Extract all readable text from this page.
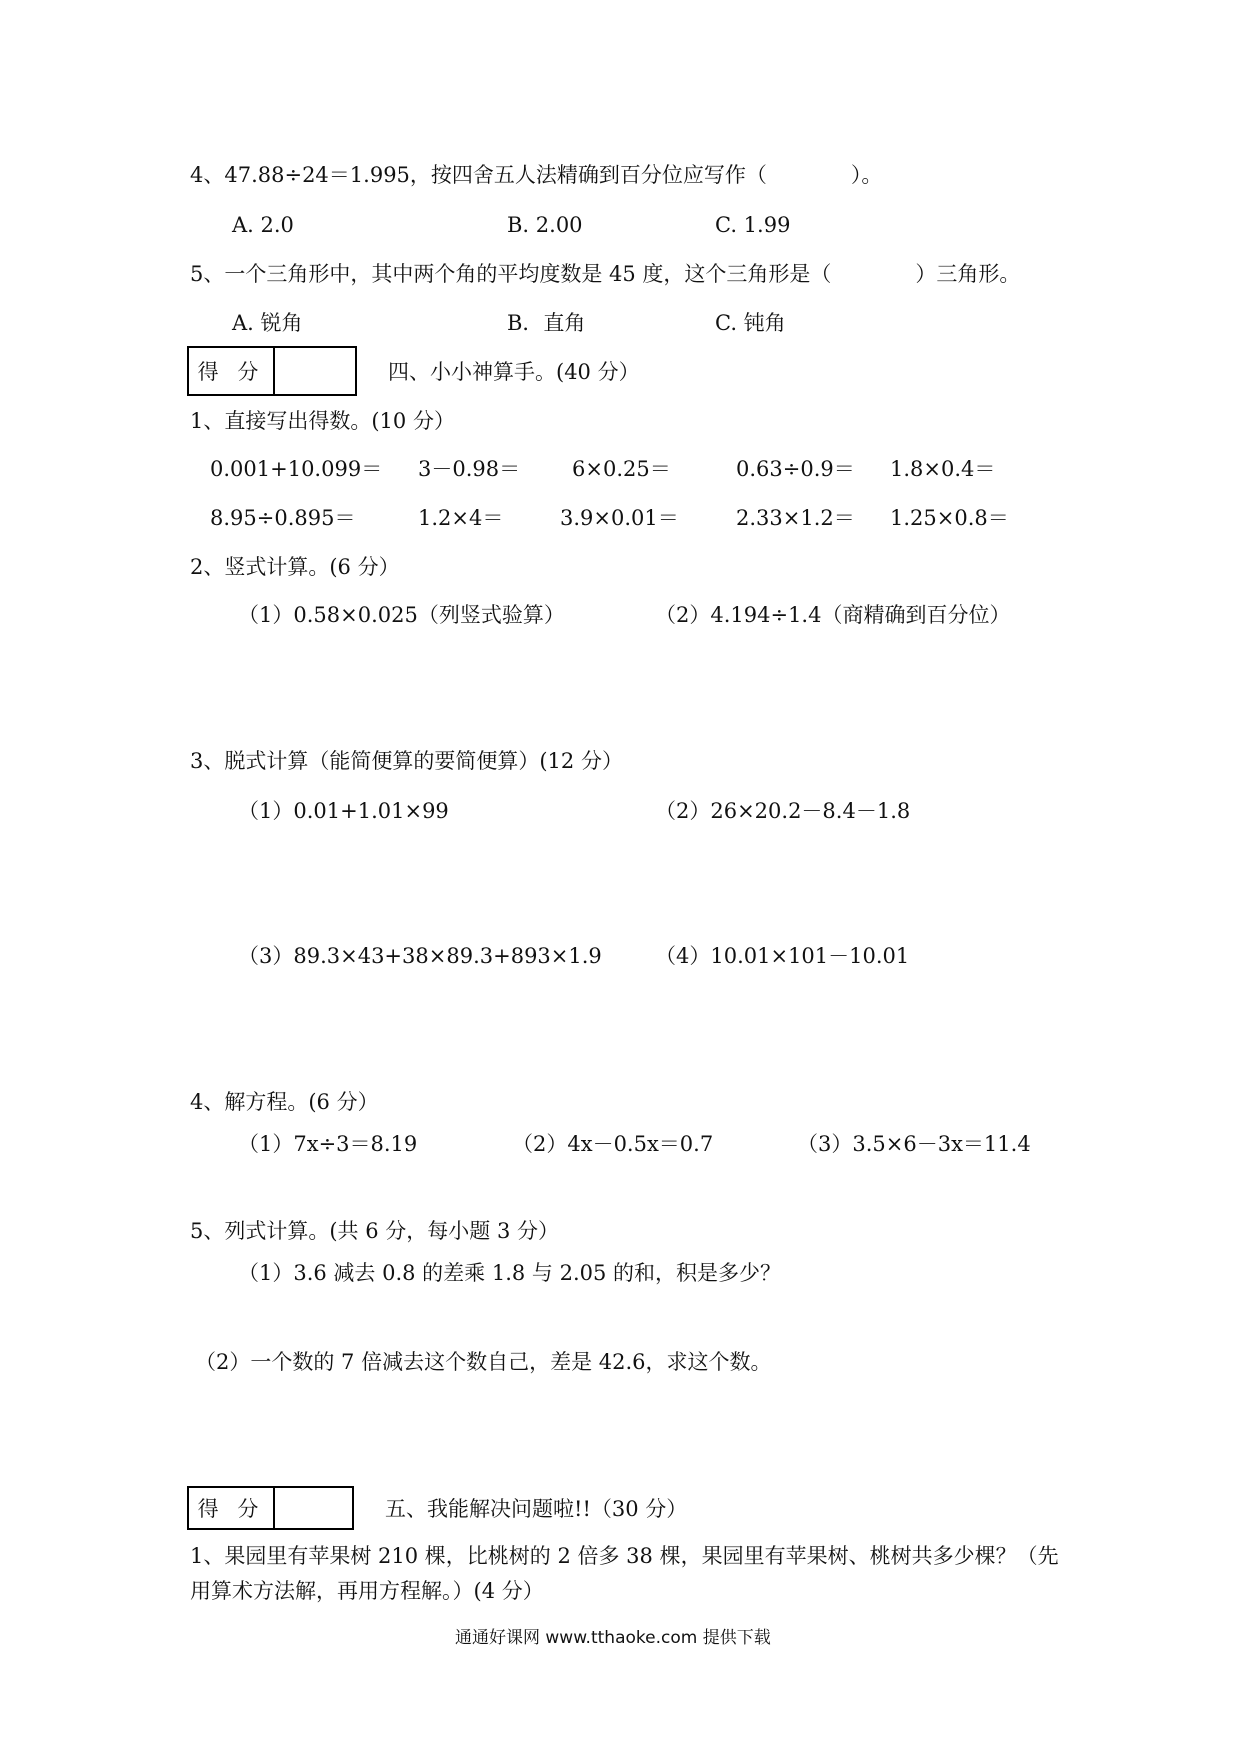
4、47.88÷24＝1.995，按四舍五人法精确到百分位应写作（　　　　）。
A. 2.0	B. 2.00	C. 1.99
5、一个三角形中，其中两个角的平均度数是 45 度，这个三角形是（　　　　）三角形。
A. 锐角	B．直角	C. 钝角
得 分	四、小小神算手。(40 分）
1、直接写出得数。(10 分）
0.001+10.099＝ 3－0.98＝ 6×0.25＝	0.63÷0.9＝ 1.8×0.4＝
8.95÷0.895＝	1.2×4＝	3.9×0.01＝	2.33×1.2＝ 1.25×0.8＝
2、竖式计算。(6 分）
（1）0.58×0.025（列竖式验算）	（2）4.194÷1.4（商精确到百分位）
3、脱式计算（能简便算的要简便算）(12 分）
（1）0.01+1.01×99	（2）26×20.2－8.4－1.8
（3）89.3×43+38×89.3+893×1.9	（4）10.01×101－10.01
4、解方程。(6 分）
（1）7x÷3＝8.19	（2）4x－0.5x＝0.7	（3）3.5×6－3x＝11.4
5、列式计算。(共 6 分，每小题 3 分）
（1）3.6 减去 0.8 的差乘 1.8 与 2.05 的和，积是多少？
（2）一个数的 7 倍减去这个数自己，差是 42.6，求这个数。
得 分	五、我能解决问题啦!!（30 分）
1、果园里有苹果树 210 棵，比桃树的 2 倍多 38 棵，果园里有苹果树、桃树共多少棵？（先
用算术方法解，再用方程解。）(4 分）
通通好课网 www.tthaoke.com 提供下载
